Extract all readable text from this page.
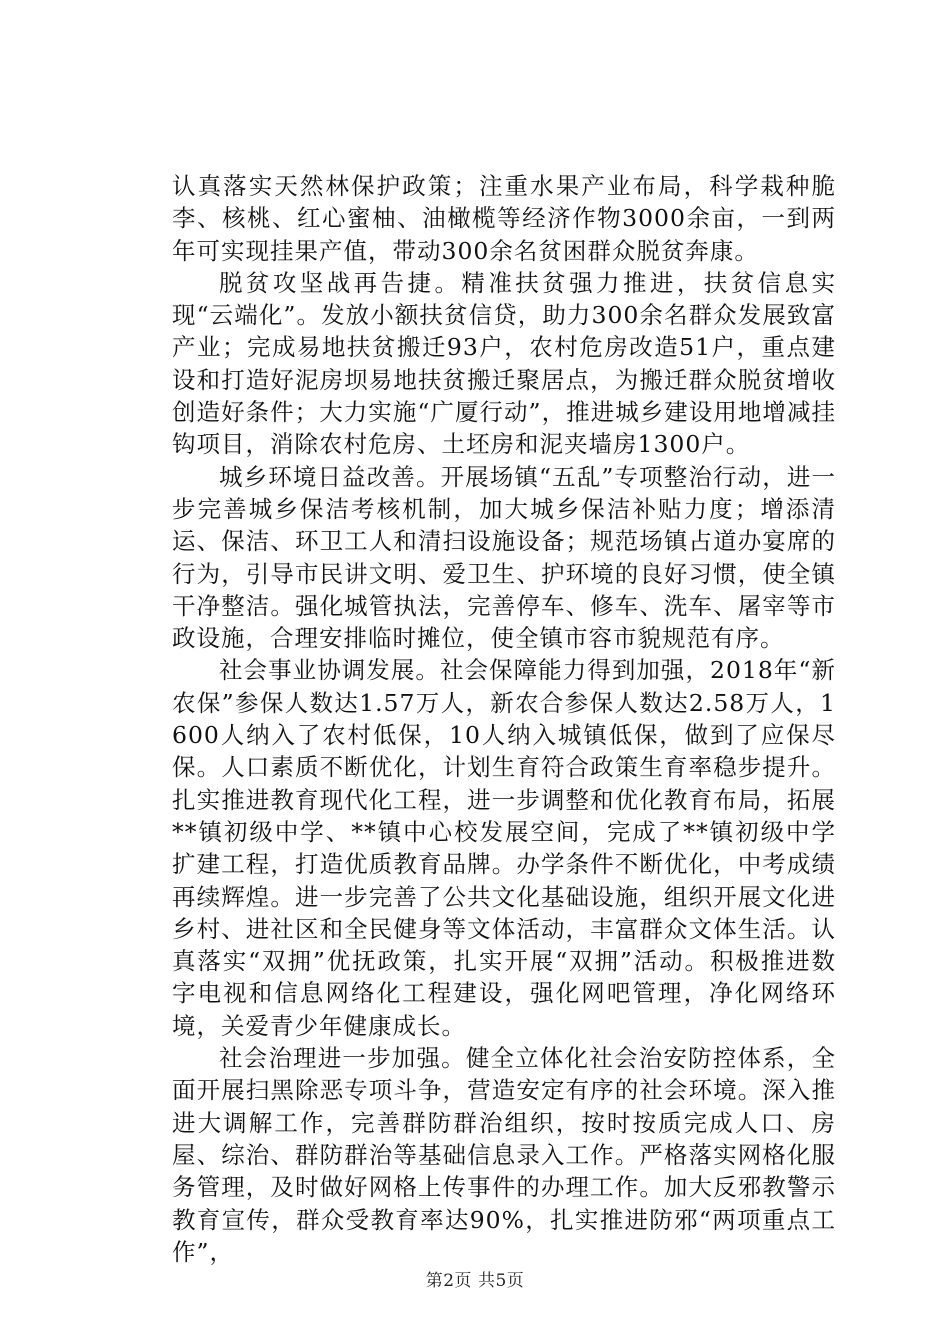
认真落实天然林保护政策；注重水果产业布局，科学栽种脆李、核桃、红心蜜柚、油橄榄等经济作物3000余亩，一到两年可实现挂果产值，带动300余名贫困群众脱贫奔康。

脱贫攻坚战再告捷。精准扶贫强力推进，扶贫信息实现“云端化”。发放小额扶贫信贷，助力300余名群众发展致富产业；完成易地扶贫搬迁93户，农村危房改造51户，重点建设和打造好泥房坝易地扶贫搬迁聚居点，为搬迁群众脱贫增收创造好条件；大力实施“广厦行动”，推进城乡建设用地增减挂钩项目，消除农村危房、土坯房和泥夹墙房1300户。

城乡环境日益改善。开展场镇“五乱”专项整治行动，进一步完善城乡保洁考核机制，加大城乡保洁补贴力度；增添清运、保洁、环卫工人和清扫设施设备；规范场镇占道办宴席的行为，引导市民讲文明、爱卫生、护环境的良好习惯，使全镇干净整洁。强化城管执法，完善停车、修车、洗车、屠宰等市政设施，合理安排临时摊位，使全镇市容市貌规范有序。

社会事业协调发展。社会保障能力得到加强，2018年“新农保”参保人数达1.57万人，新农合参保人数达2.58万人，1600人纳入了农村低保，10人纳入城镇低保，做到了应保尽保。人口素质不断优化，计划生育符合政策生育率稳步提升。扎实推进教育现代化工程，进一步调整和优化教育布局，拓展**镇初级中学、**镇中心校发展空间，完成了**镇初级中学扩建工程，打造优质教育品牌。办学条件不断优化，中考成绩再续辉煌。进一步完善了公共文化基础设施，组织开展文化进乡村、进社区和全民健身等文体活动，丰富群众文体生活。认真落实“双拥”优抚政策，扎实开展“双拥”活动。积极推进数字电视和信息网络化工程建设，强化网吧管理，净化网络环境，关爱青少年健康成长。

社会治理进一步加强。健全立体化社会治安防控体系，全面开展扫黑除恶专项斗争，营造安定有序的社会环境。深入推进大调解工作，完善群防群治组织，按时按质完成人口、房屋、综治、群防群治等基础信息录入工作。严格落实网格化服务管理，及时做好网格上传事件的办理工作。加大反邪教警示教育宣传，群众受教育率达90%，扎实推进防邪“两项重点工作”，

第2页 共5页
